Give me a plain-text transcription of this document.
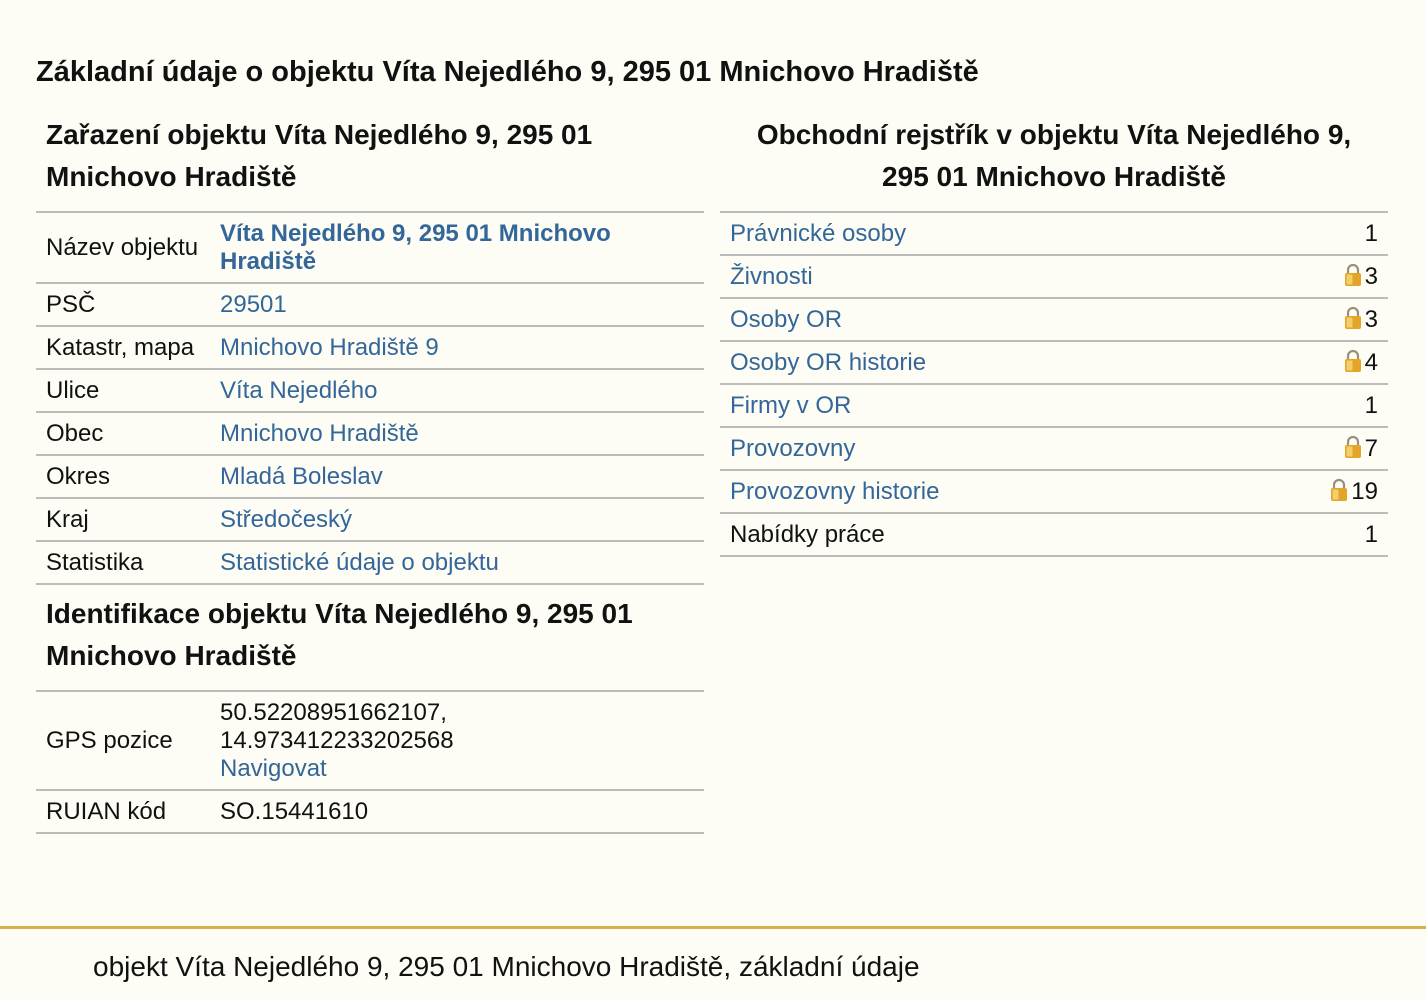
Základní údaje o objektu Víta Nejedlého 9, 295 01 Mnichovo Hradiště
Zařazení objektu Víta Nejedlého 9, 295 01 Mnichovo Hradiště
Název objektu	Víta Nejedlého 9, 295 01 Mnichovo Hradiště
PSČ	29501
Katastr, mapa	Mnichovo Hradiště 9
Ulice	Víta Nejedlého
Obec	Mnichovo Hradiště
Okres	Mladá Boleslav
Kraj	Středočeský
Statistika	Statistické údaje o objektu
Identifikace objektu Víta Nejedlého 9, 295 01 Mnichovo Hradiště
GPS pozice	50.52208951662107, 14.973412233202568
Navigovat
RUIAN kód	SO.15441610
Obchodní rejstřík v objektu Víta Nejedlého 9, 295 01 Mnichovo Hradiště
Právnické osoby	1
Živnosti	3
Osoby OR	3
Osoby OR historie	4
Firmy v OR	1
Provozovny	7
Provozovny historie	19
Nabídky práce	1

objekt Víta Nejedlého 9, 295 01 Mnichovo Hradiště, základní údaje
